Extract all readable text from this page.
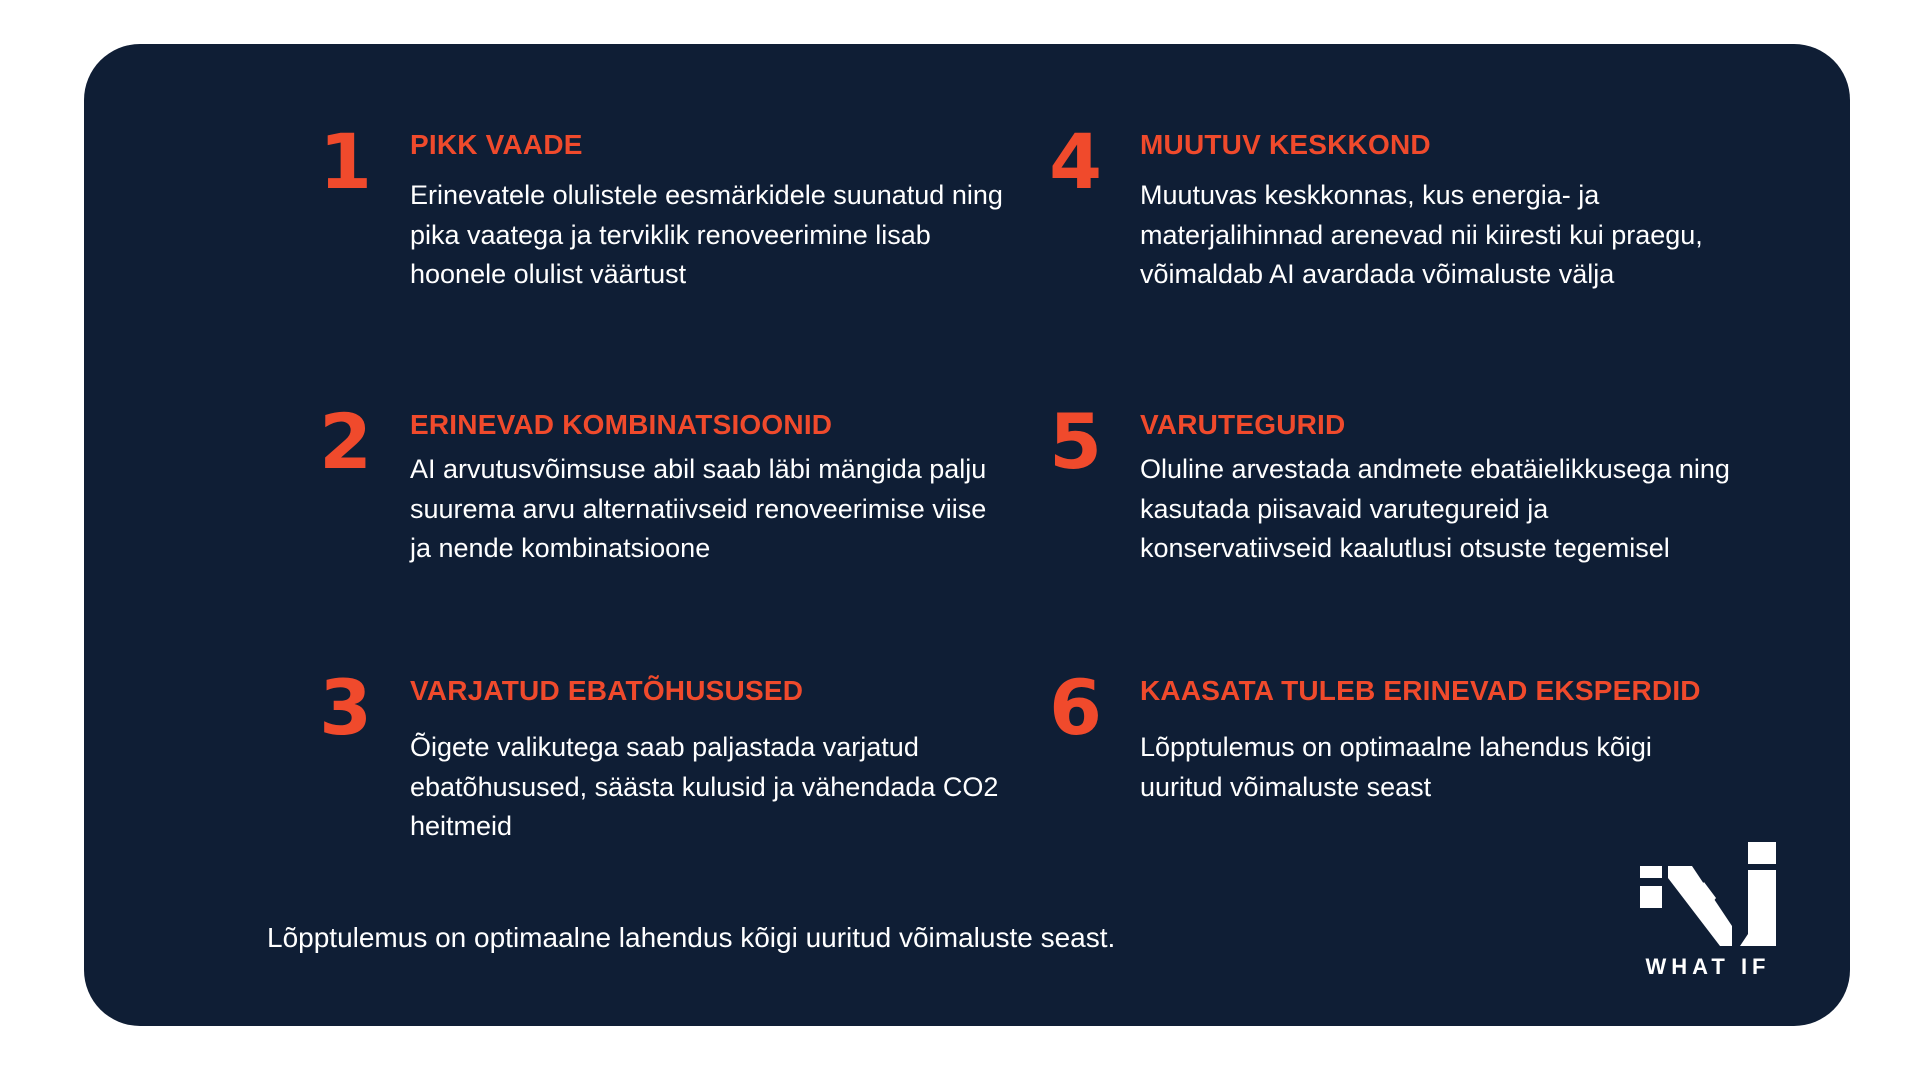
1 PIKK VAADE
Erinevatele olulistele eesmärkidele suunatud ning pika vaatega ja terviklik renoveerimine lisab hoonele olulist väärtust
2 ERINEVAD KOMBINATSIOONID
AI arvutusvõimsuse abil saab läbi mängida palju suurema arvu alternatiivseid renoveerimise viise ja nende kombinatsioone
3 VARJATUD EBATÕHUSUSED
Õigete valikutega saab paljastada varjatud ebatõhusused, säästa kulusid ja vähendada CO2 heitmeid
4 MUUTUV KESKKOND
Muutuvas keskkonnas, kus energia- ja materjalihinnad arenevad nii kiiresti kui praegu, võimaldab AI avardada võimaluste välja
5 VARUTEGURID
Oluline arvestada andmete ebatäielikkusega ning kasutada piisavaid varutegureid ja konservatiivseid kaalutlusi otsuste tegemisel
6 KAASATA TULEB ERINEVAD EKSPERDID
Lõpptulemus on optimaalne lahendus kõigi uuritud võimaluste seast
Lõpptulemus on optimaalne lahendus kõigi uuritud võimaluste seast.
WHAT IF
